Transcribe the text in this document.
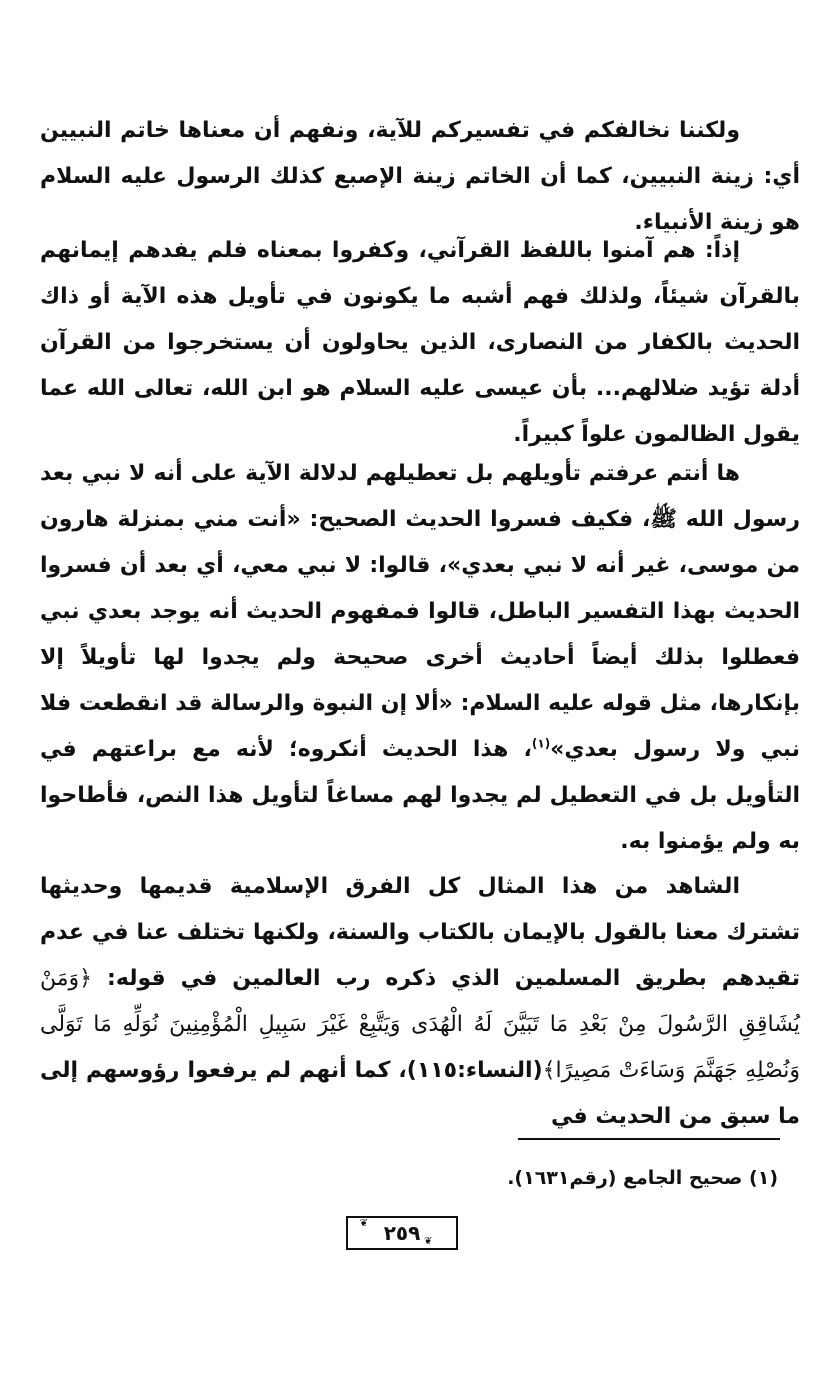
ولكننا نخالفكم في تفسيركم للآية، ونفهم أن معناها خاتم النبيين أي: زينة النبيين، كما أن الخاتم زينة الإصبع كذلك الرسول عليه السلام هو زينة الأنبياء.
إذاً: هم آمنوا باللفظ القرآني، وكفروا بمعناه فلم يفدهم إيمانهم بالقرآن شيئاً، ولذلك فهم أشبه ما يكونون في تأويل هذه الآية أو ذاك الحديث بالكفار من النصارى، الذين يحاولون أن يستخرجوا من القرآن أدلة تؤيد ضلالهم... بأن عيسى عليه السلام هو ابن الله، تعالى الله عما يقول الظالمون علواً كبيراً.
ها أنتم عرفتم تأويلهم بل تعطيلهم لدلالة الآية على أنه لا نبي بعد رسول الله ﷺ، فكيف فسروا الحديث الصحيح: «أنت مني بمنزلة هارون من موسى، غير أنه لا نبي بعدي»، قالوا: لا نبي معي، أي بعد أن فسروا الحديث بهذا التفسير الباطل، قالوا فمفهوم الحديث أنه يوجد بعدي نبي فعطلوا بذلك أيضاً أحاديث أخرى صحيحة ولم يجدوا لها تأويلاً إلا بإنكارها، مثل قوله عليه السلام: «ألا إن النبوة والرسالة قد انقطعت فلا نبي ولا رسول بعدي»$^{(١)}$، هذا الحديث أنكروه؛ لأنه مع براعتهم في التأويل بل في التعطيل لم يجدوا لهم مساغاً لتأويل هذا النص، فأطاحوا به ولم يؤمنوا به.
الشاهد من هذا المثال كل الفرق الإسلامية قديمها وحديثها تشترك معنا بالقول بالإيمان بالكتاب والسنة، ولكنها تختلف عنا في عدم تقيدهم بطريق المسلمين الذي ذكره رب العالمين في قوله: ﴿وَمَنْ يُشَاقِقِ الرَّسُولَ مِنْ بَعْدِ مَا تَبَيَّنَ لَهُ الْهُدَى وَيَتَّبِعْ غَيْرَ سَبِيلِ الْمُؤْمِنِينَ نُوَلِّهِ مَا تَوَلَّى وَنُصْلِهِ جَهَنَّمَ وَسَاءَتْ مَصِيرًا﴾(النساء:١١٥)، كما أنهم لم يرفعوا رؤوسهم إلى ما سبق من الحديث في
(١) صحيح الجامع (رقم١٦٣١).
❦ ٢٥٩ ❦
